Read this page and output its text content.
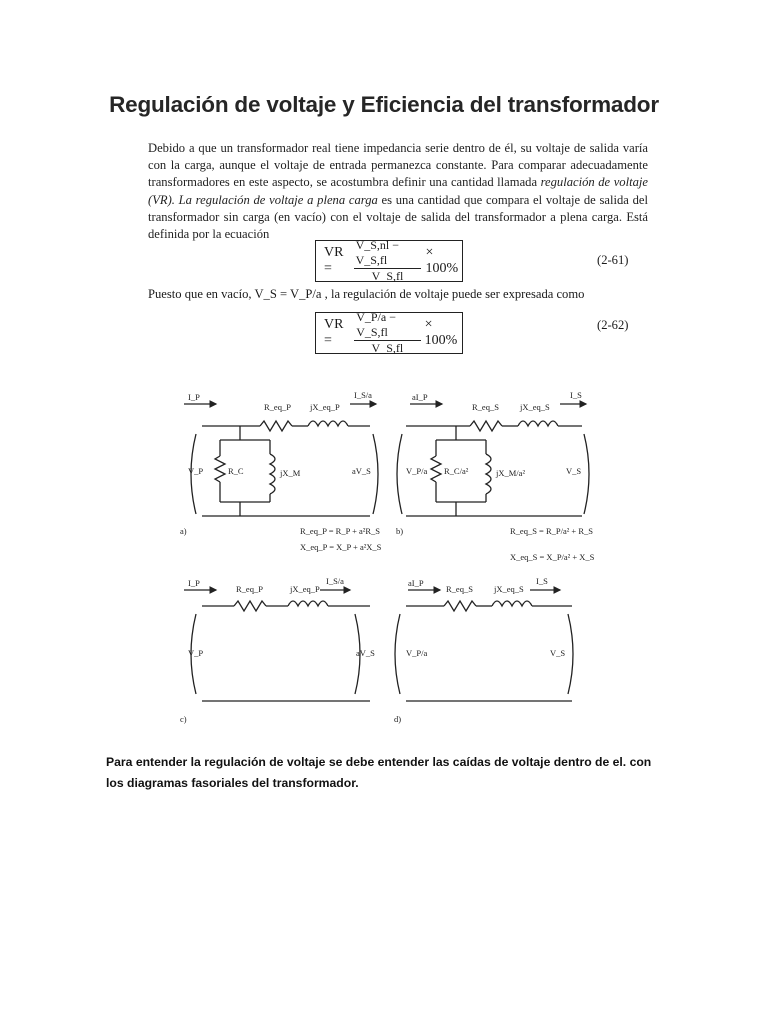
Regulación de voltaje y Eficiencia del transformador

Debido a que un transformador real tiene impedancia serie dentro de él, su voltaje de salida varía con la carga, aunque el voltaje de entrada permanezca constante. Para comparar adecuadamente transformadores en este aspecto, se acostumbra definir una cantidad llamada regulación de voltaje (VR). La regulación de voltaje a plena carga es una cantidad que compara el voltaje de salida del transformador sin carga (en vacío) con el voltaje de salida del transformador a plena carga. Está definida por la ecuación

VR =	$\frac{V\_S,nl - V\_S,fl}{V\_S,fl} \times 100\%$
(2-61)
Puesto que en vacío, V_S = V_P/a , la regulación de voltaje puede ser expresada como
VR =	$\frac{V\_P/a - V\_S,fl}{V\_S,fl} \times 100\%$
(2-62)
I_P	I_S/a
R_eq_P jX_eq_P
R_C	jX_M
V_P	aV_S
a)	R_eq_P = R_P + a²R_S
X_eq_P = X_P + a²X_S
aI_P	I_S
R_eq_S jX_eq_S
R_C/a²	jX_M/a²
V_P/a	V_S
b)	R_eq_S = R_P/a² + R_S
X_eq_S = X_P/a² + X_S
I_P	I_S/a
R_eq_P	jX_eq_P
V_P	aV_S
c)
aI_P	I_S
R_eq_S jX_eq_S
V_P/a	V_S
d)
Para entender la regulación de voltaje se debe entender las caídas de voltaje dentro de el. con los diagramas fasoriales del transformador.
